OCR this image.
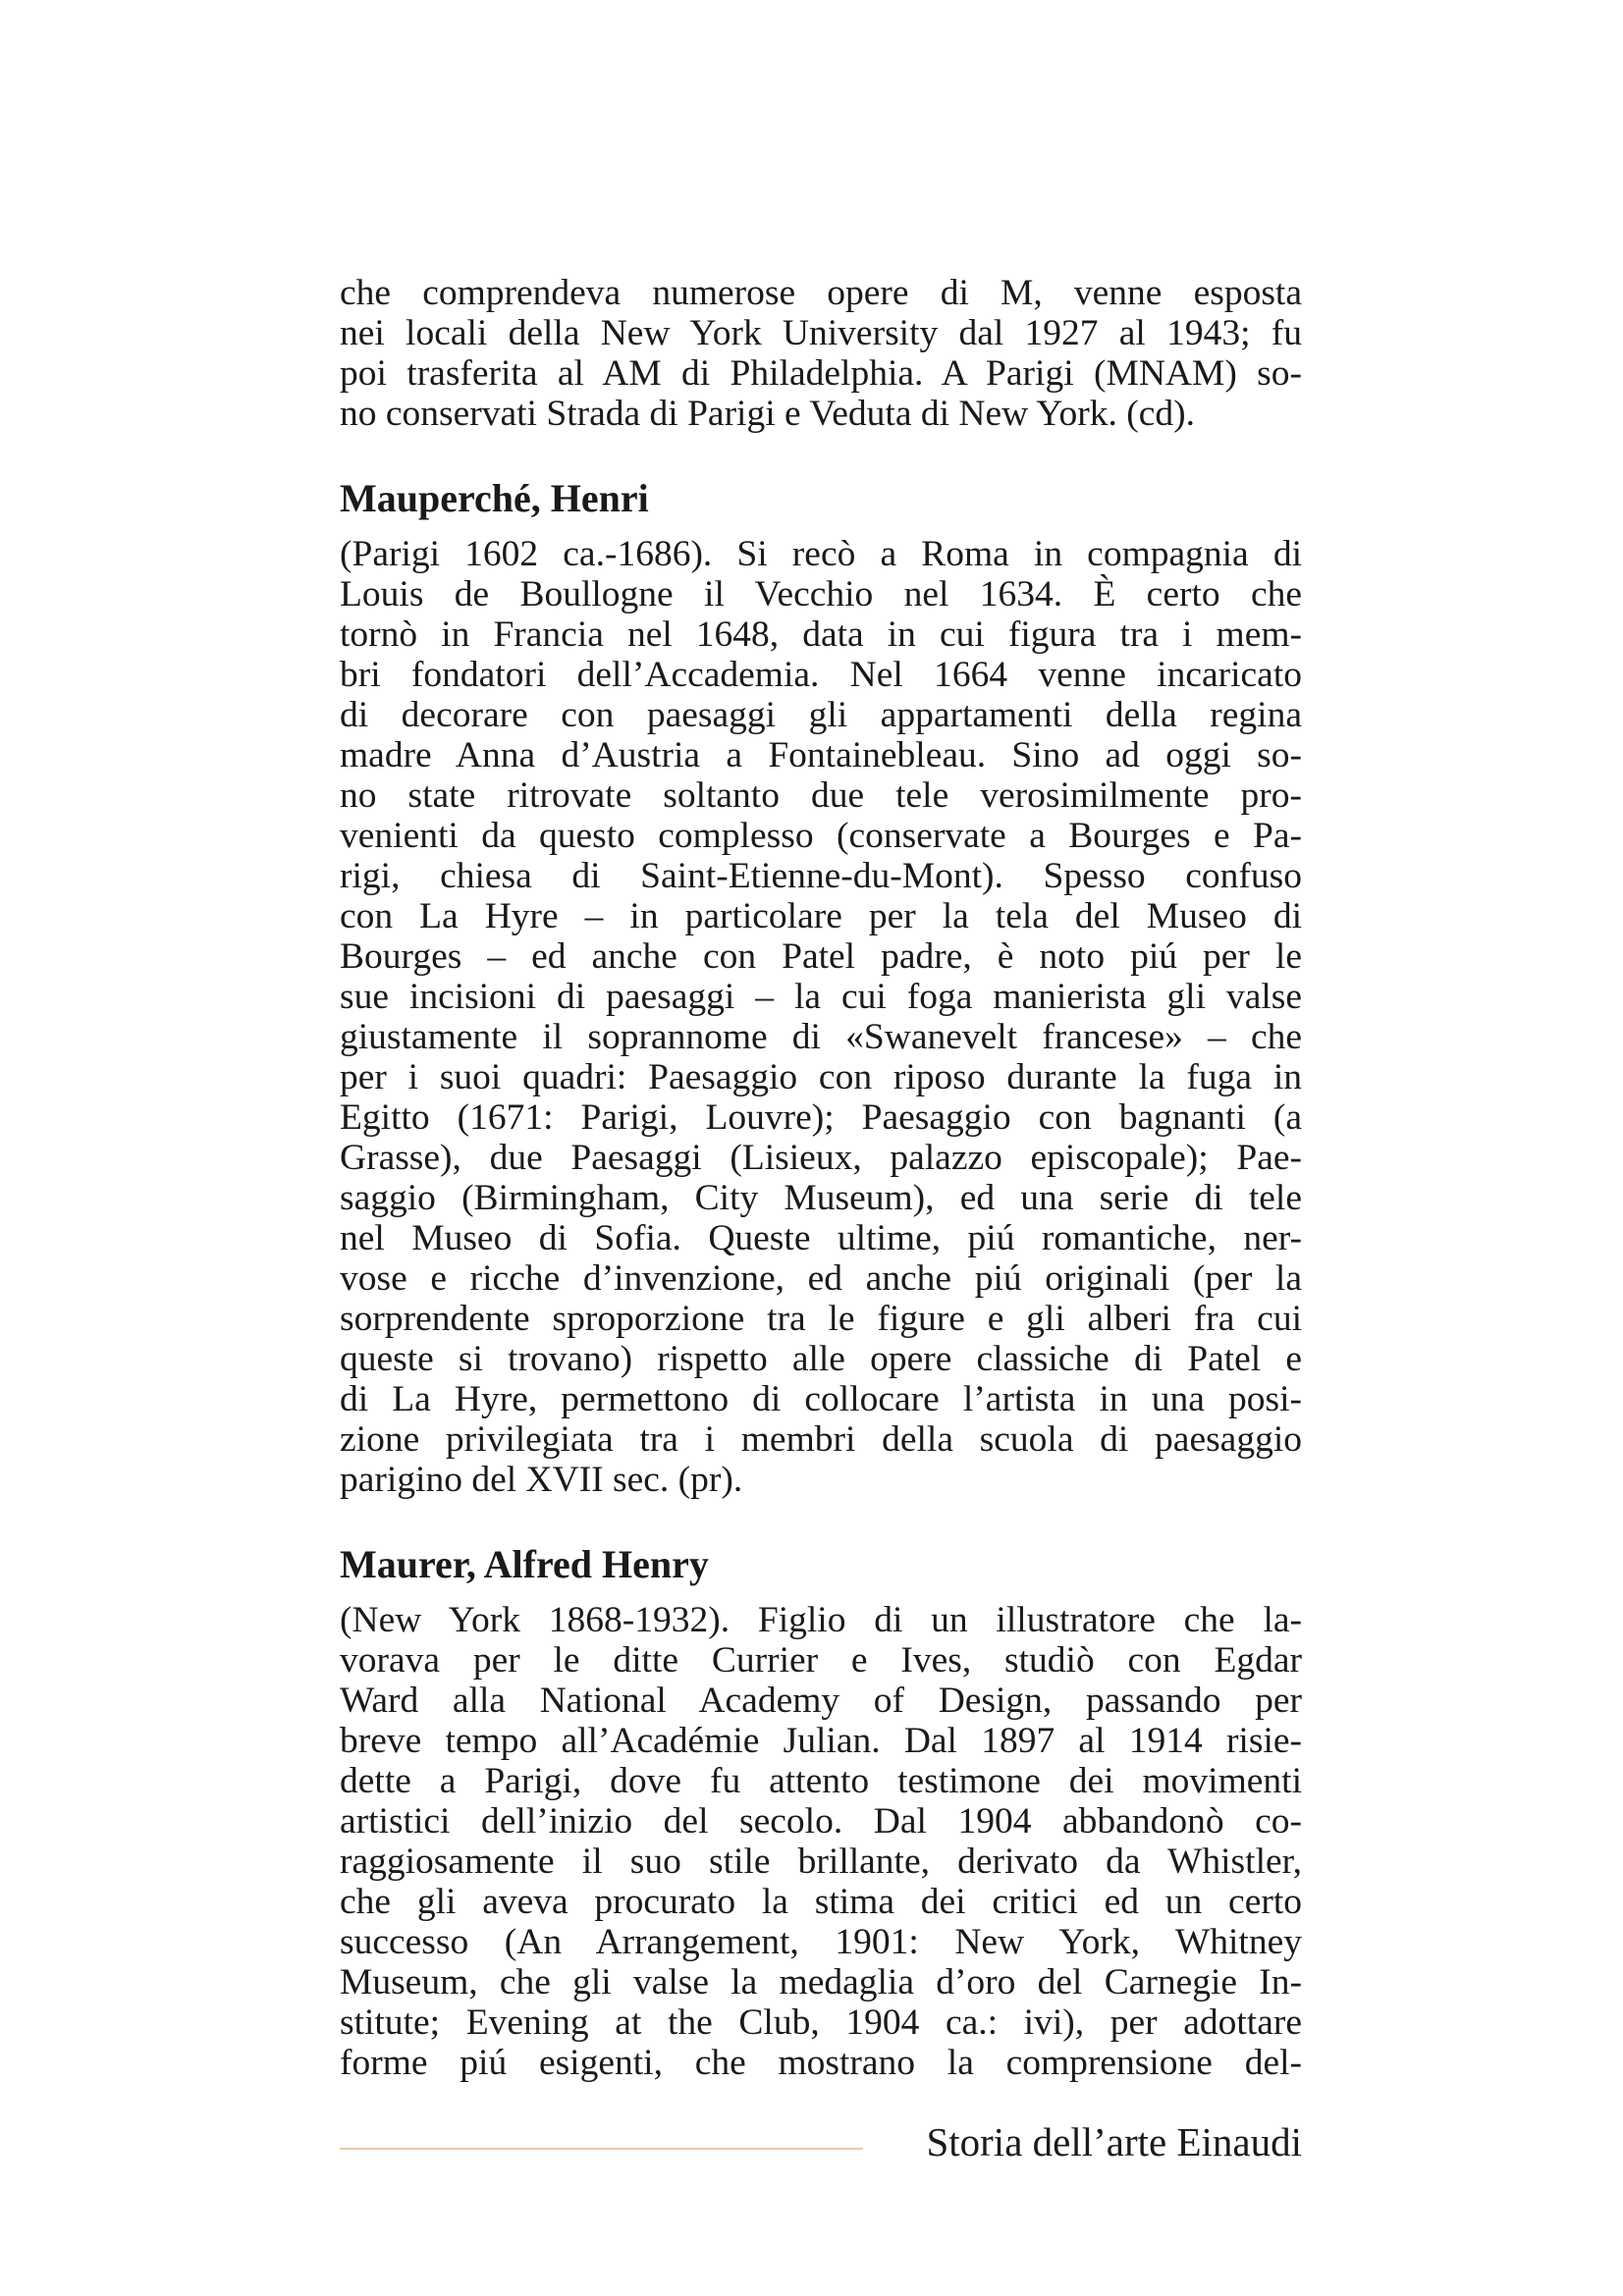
che comprendeva numerose opere di M, venne esposta
nei locali della New York University dal 1927 al 1943; fu
poi trasferita al AM di Philadelphia. A Parigi (MNAM) so-
no conservati Strada di Parigi e Veduta di New York. (cd).
Mauperché, Henri
(Parigi 1602 ca.-1686). Si recò a Roma in compagnia di
Louis de Boullogne il Vecchio nel 1634. È certo che
tornò in Francia nel 1648, data in cui figura tra i mem-
bri fondatori dell’Accademia. Nel 1664 venne incaricato
di decorare con paesaggi gli appartamenti della regina
madre Anna d’Austria a Fontainebleau. Sino ad oggi so-
no state ritrovate soltanto due tele verosimilmente pro-
venienti da questo complesso (conservate a Bourges e Pa-
rigi, chiesa di Saint-Etienne-du-Mont). Spesso confuso
con La Hyre – in particolare per la tela del Museo di
Bourges – ed anche con Patel padre, è noto piú per le
sue incisioni di paesaggi – la cui foga manierista gli valse
giustamente il soprannome di «Swanevelt francese» – che
per i suoi quadri: Paesaggio con riposo durante la fuga in
Egitto (1671: Parigi, Louvre); Paesaggio con bagnanti (a
Grasse), due Paesaggi (Lisieux, palazzo episcopale); Pae-
saggio (Birmingham, City Museum), ed una serie di tele
nel Museo di Sofia. Queste ultime, piú romantiche, ner-
vose e ricche d’invenzione, ed anche piú originali (per la
sorprendente sproporzione tra le figure e gli alberi fra cui
queste si trovano) rispetto alle opere classiche di Patel e
di La Hyre, permettono di collocare l’artista in una posi-
zione privilegiata tra i membri della scuola di paesaggio
parigino del XVII sec. (pr).
Maurer, Alfred Henry
(New York 1868-1932). Figlio di un illustratore che la-
vorava per le ditte Currier e Ives, studiò con Egdar
Ward alla National Academy of Design, passando per
breve tempo all’Académie Julian. Dal 1897 al 1914 risie-
dette a Parigi, dove fu attento testimone dei movimenti
artistici dell’inizio del secolo. Dal 1904 abbandonò co-
raggiosamente il suo stile brillante, derivato da Whistler,
che gli aveva procurato la stima dei critici ed un certo
successo (An Arrangement, 1901: New York, Whitney
Museum, che gli valse la medaglia d’oro del Carnegie In-
stitute; Evening at the Club, 1904 ca.: ivi), per adottare
forme piú esigenti, che mostrano la comprensione del-
Storia dell’arte Einaudi
